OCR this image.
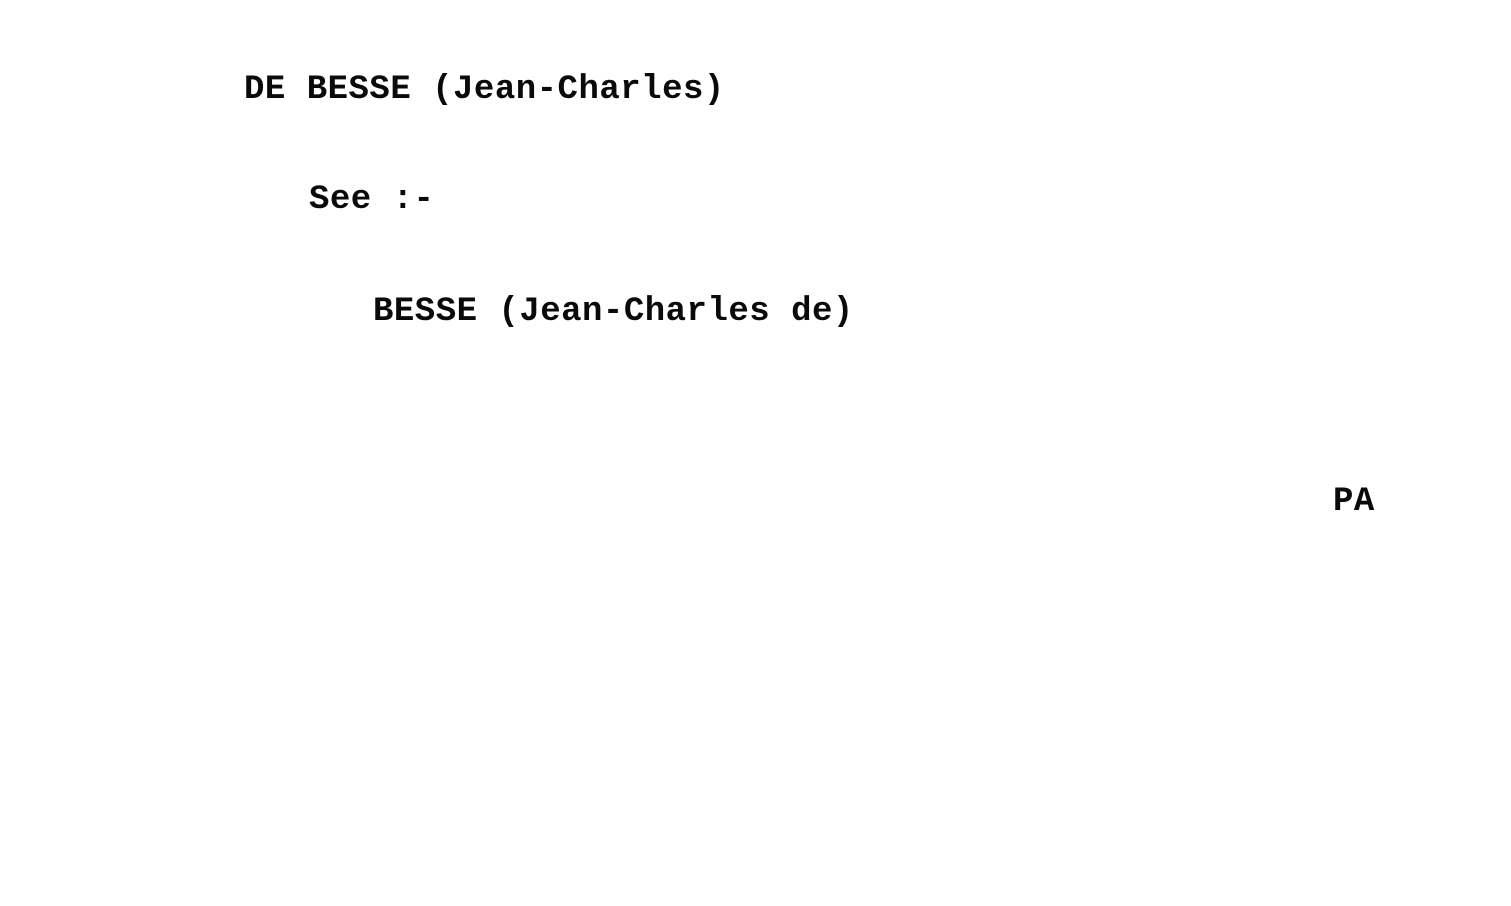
DE BESSE (Jean-Charles)
See :-
BESSE (Jean-Charles de)
PA
